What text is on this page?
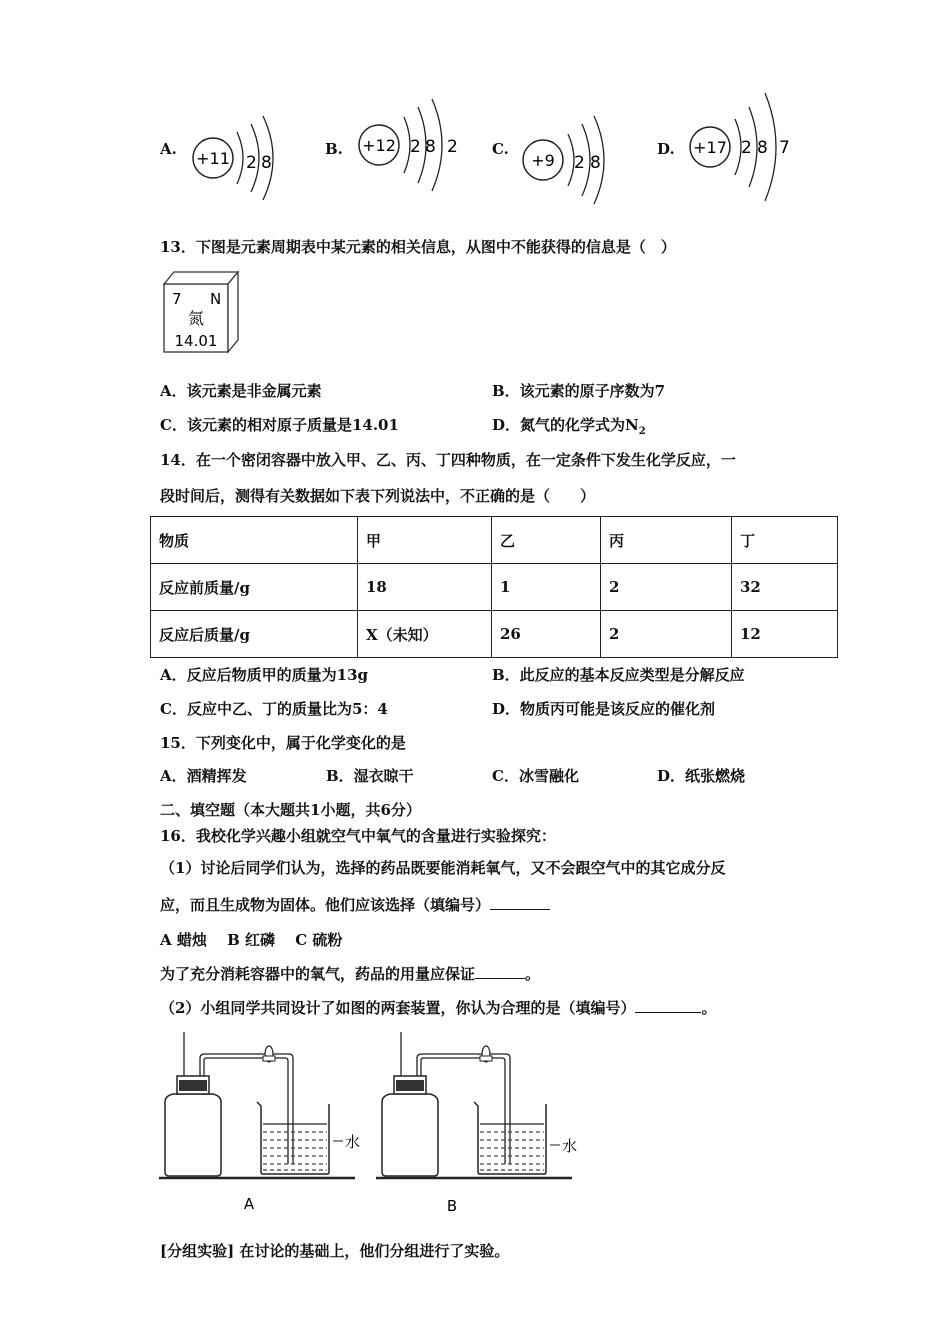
A. +11 2 8
B. +12 2 8 2 C.
+9 2 8
D. +17 2 8 7
13．下图是元素周期表中某元素的相关信息，从图中不能获得的信息是（　）
7 N
氮
14.01
A．该元素是非金属元素	B．该元素的原子序数为7
C．该元素的相对原子质量是14.01	D．氮气的化学式为$N_2$
14．在一个密闭容器中放入甲、乙、丙、丁四种物质，在一定条件下发生化学反应，一
段时间后，测得有关数据如下表下列说法中，不正确的是（　　）
物质	甲	乙	丙	丁
反应前质量/g	18	1	2	32
反应后质量/g	X（未知）	26	2	12
A．反应后物质甲的质量为13g	B．此反应的基本反应类型是分解反应
C．反应中乙、丁的质量比为5：4	D．物质丙可能是该反应的催化剂
15．下列变化中，属于化学变化的是
A．酒精挥发	B．湿衣晾干	C．冰雪融化	D．纸张燃烧
二、填空题（本大题共1小题，共6分）
16．我校化学兴趣小组就空气中氧气的含量进行实验探究：
（1）讨论后同学们认为，选择的药品既要能消耗氧气，又不会跟空气中的其它成分反
应，而且生成物为固体。他们应该选择（填编号）
A 蜡烛　 B 红磷　 C 硫粉
为了充分消耗容器中的氧气，药品的用量应保证	。
（2）小组同学共同设计了如图的两套装置，你认为合理的是（填编号）	。
水
A
水
B
[分组实验] 在讨论的基础上，他们分组进行了实验。
